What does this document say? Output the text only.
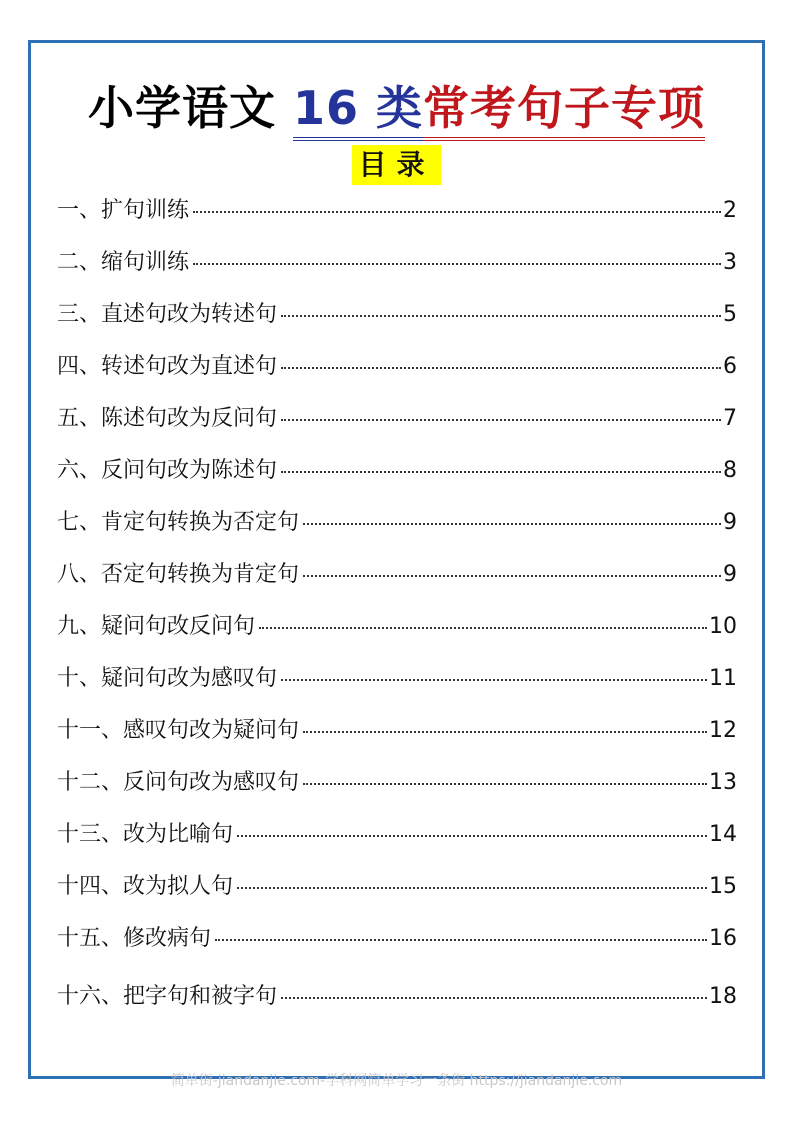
小学语文 16 类常考句子专项
目录
一、扩句训练	2
二、缩句训练	3
三、直述句改为转述句	5
四、转述句改为直述句	6
五、陈述句改为反问句	7
六、反问句改为陈述句	8
七、肯定句转换为否定句	9
八、否定句转换为肯定句	9
九、疑问句改反问句	10
十、疑问句改为感叹句	11
十一、感叹句改为疑问句	12
十二、反问句改为感叹句	13
十三、改为比喻句	14
十四、改为拟人句	15
十五、修改病句	16
十六、把字句和被字句	18
简单街-jiandanjie.com-学科网简单学习一条街 https://jiandanjie.com
